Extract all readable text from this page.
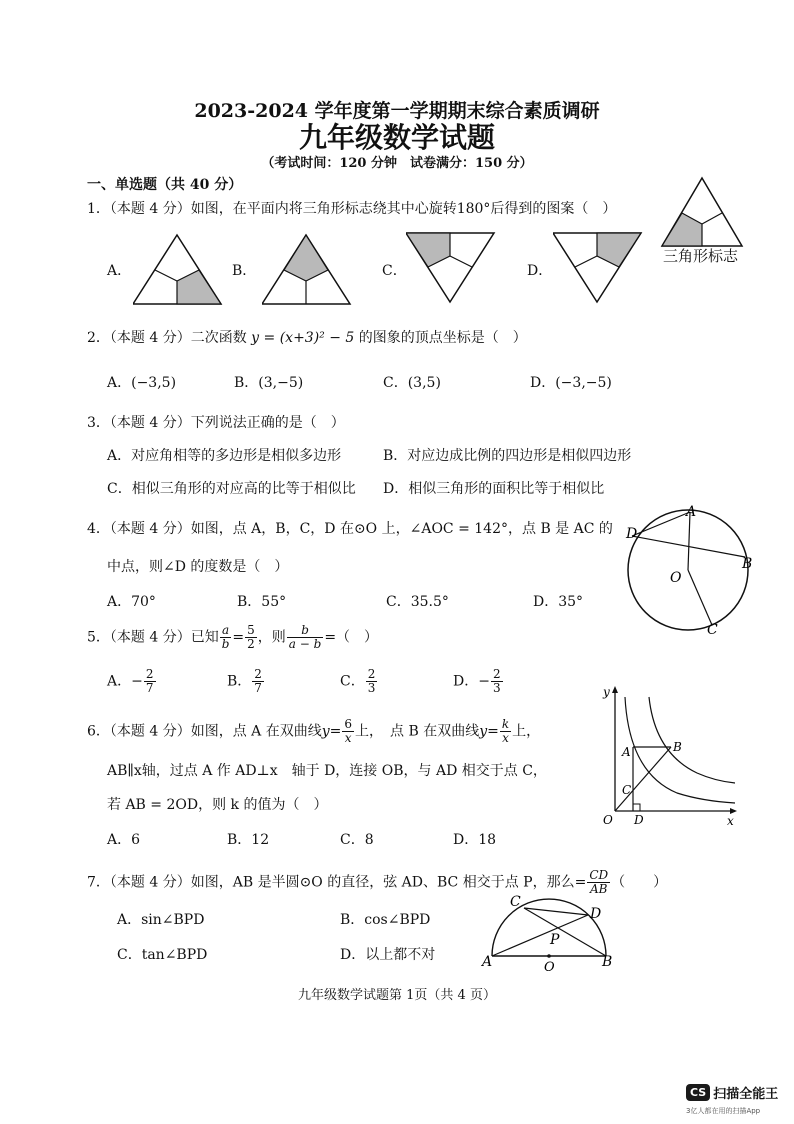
2023-2024 学年度第一学期期末综合素质调研
九年级数学试题
（考试时间：120 分钟　试卷满分：150 分）
一、单选题（共 40 分）
1．（本题 4 分）如图，在平面内将三角形标志绕其中心旋转180°后得到的图案（　）
A．	B．	C．	D．
三角形标志
2．（本题 4 分）二次函数 y = (x+3)² − 5 的图象的顶点坐标是（　）
A．(−3,5)	B．(3,−5)	C．(3,5)	D．(−3,−5)
3．（本题 4 分）下列说法正确的是（　）
A．对应角相等的多边形是相似多边形	B．对应边成比例的四边形是相似四边形
C．相似三角形的对应高的比等于相似比 D．相似三角形的面积比等于相似比
4．（本题 4 分）如图，点 A，B，C，D 在⊙O 上，∠AOC = 142°，点 B 是 AC 的
中点，则∠D 的度数是（　）
A．70°	B．55°	C．35.5°	D．35°
A
B
C
D
O
5．（本题 4 分）已知 $\frac{a}{b} = \frac{5}{2}$ ，则 $\frac{b}{a - b}$ =（　）
A．− $\frac{2}{7}$	B． $\frac{2}{7}$	C． $\frac{2}{3}$	D．− $\frac{2}{3}$
6．（本题 4 分）如图，点 A 在双曲线$y= \frac{6}{x}$ 上，　点 B 在双曲线$y= \frac{k}{x}$ 上，
AB∥x轴，过点 A 作 AD⊥x　轴于 D，连接 OB，与 AD 相交于点 C，
若 AB = 2OD，则 k 的值为（　）
A．6	B．12	C．8	D．18
y
x
O D
A	B
C
7．（本题 4 分）如图，AB 是半圆⊙O 的直径，弦 AD、BC 相交于点 P，那么= $\frac{CD}{AB}$ （　　）
A．sin∠BPD	B．cos∠BPD
C．tan∠BPD	D．以上都不对
C
D
P
A	O	B
九年级数学试题第 1页（共 4 页）
CS 扫描全能王
3亿人都在用的扫描App
